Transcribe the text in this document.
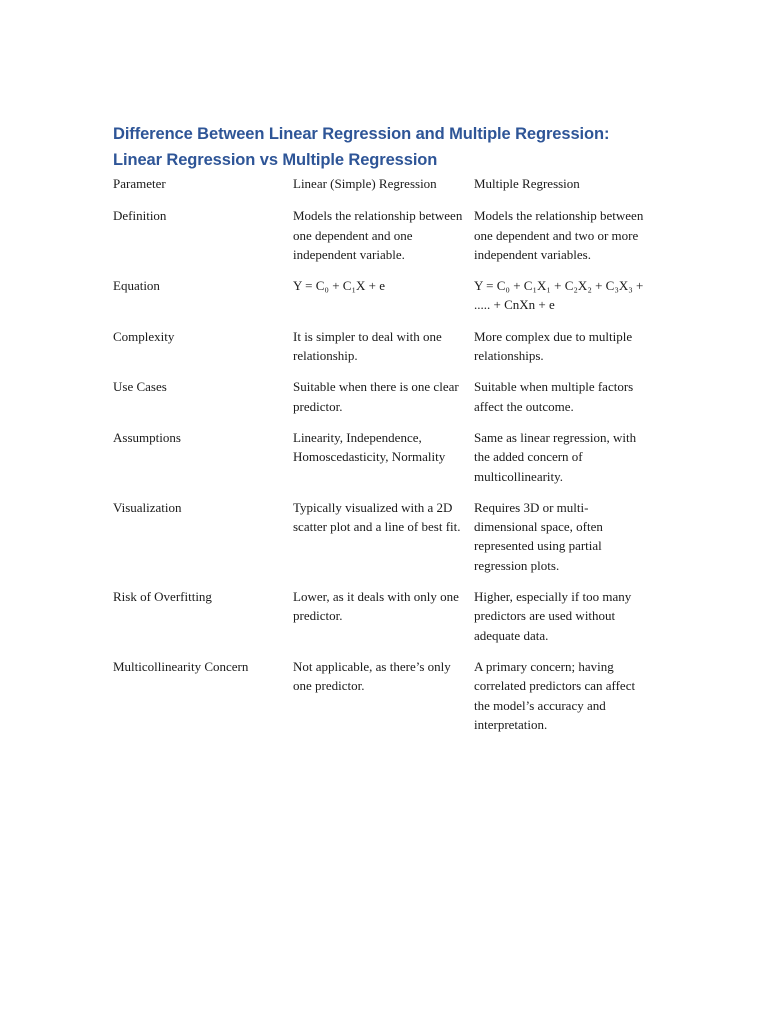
Difference Between Linear Regression and Multiple Regression: Linear Regression vs Multiple Regression
Parameter	Linear (Simple) Regression	Multiple Regression
Definition	Models the relationship between one dependent and one independent variable.	Models the relationship between one dependent and two or more independent variables.
Equation	Y = C₀ + C₁X + e	Y = C₀ + C₁X₁ + C₂X₂ + C₃X₃ + ..... + CnXn + e
Complexity	It is simpler to deal with one relationship.	More complex due to multiple relationships.
Use Cases	Suitable when there is one clear predictor.	Suitable when multiple factors affect the outcome.
Assumptions	Linearity, Independence, Homoscedasticity, Normality	Same as linear regression, with the added concern of multicollinearity.
Visualization	Typically visualized with a 2D scatter plot and a line of best fit.	Requires 3D or multi-dimensional space, often represented using partial regression plots.
Risk of Overfitting	Lower, as it deals with only one predictor.	Higher, especially if too many predictors are used without adequate data.
Multicollinearity Concern	Not applicable, as there’s only one predictor.	A primary concern; having correlated predictors can affect the model’s accuracy and interpretation.
